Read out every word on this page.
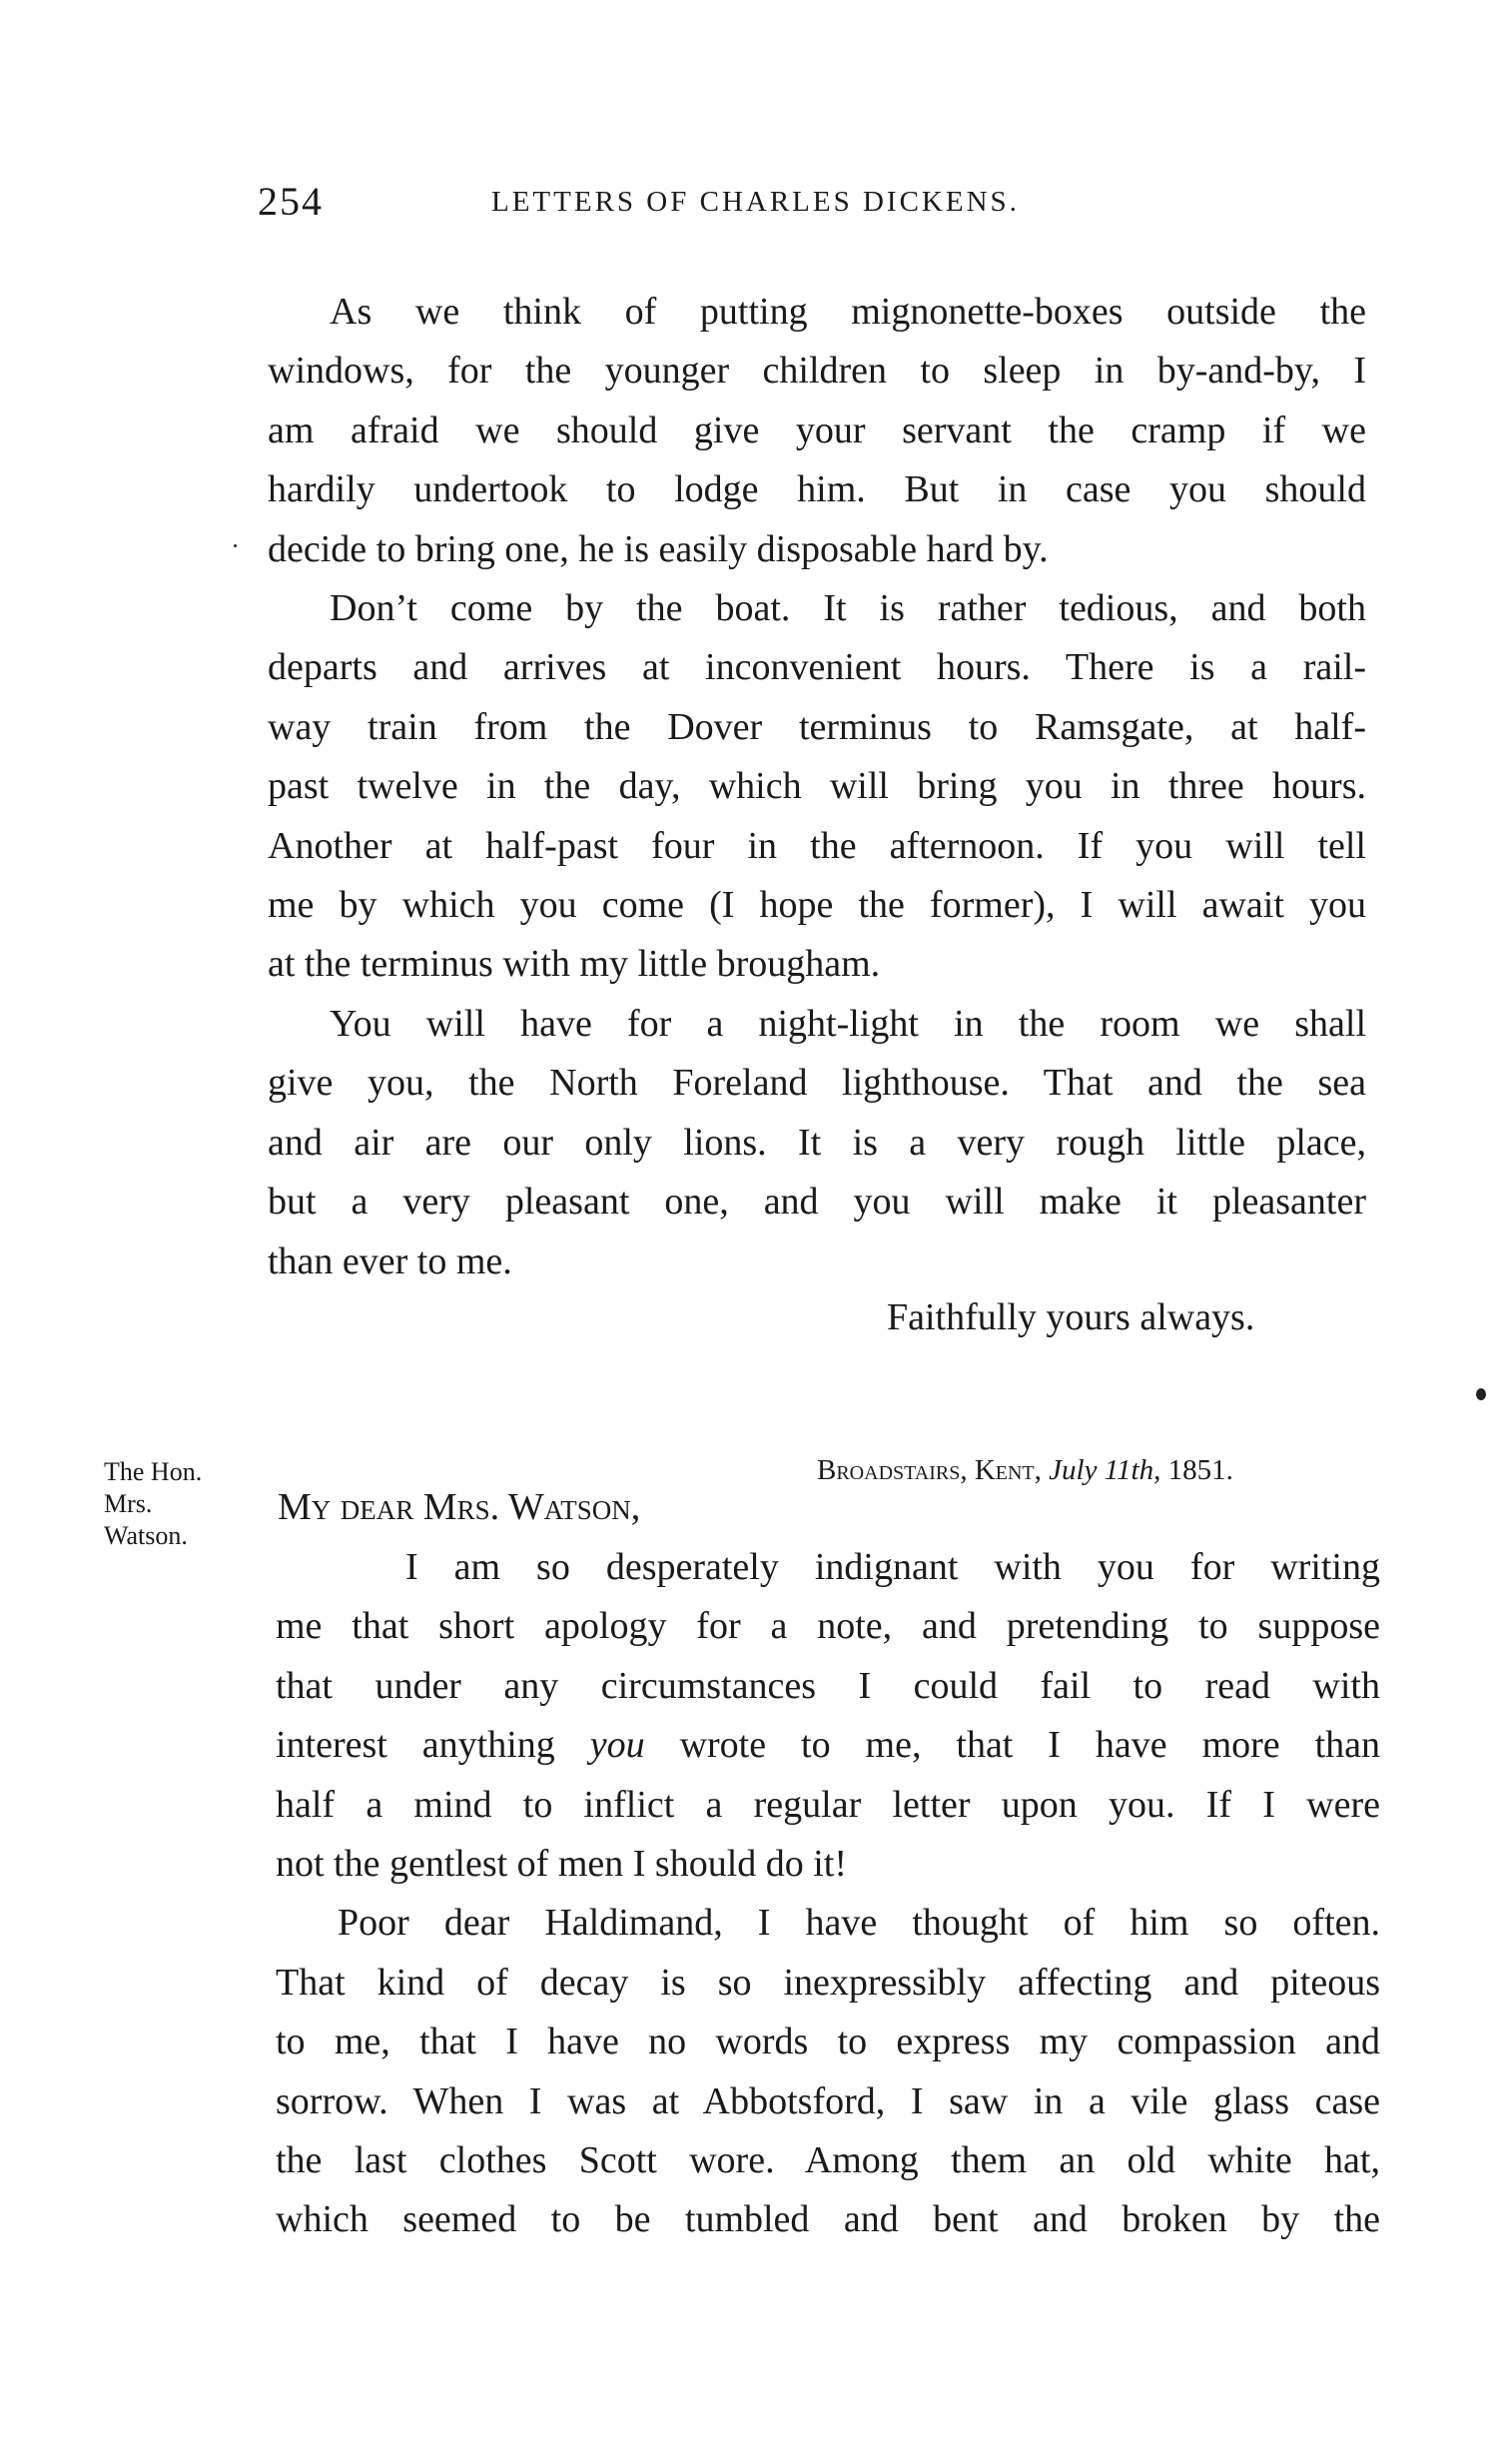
254	LETTERS OF CHARLES DICKENS.
As we think of putting mignonette-boxes outside the
windows, for the younger children to sleep in by-and-by, I
am afraid we should give your servant the cramp if we
hardily undertook to lodge him. But in case you should
decide to bring one, he is easily disposable hard by.
Don’t come by the boat. It is rather tedious, and both
departs and arrives at inconvenient hours. There is a rail-
way train from the Dover terminus to Ramsgate, at half-
past twelve in the day, which will bring you in three hours.
Another at half-past four in the afternoon. If you will tell
me by which you come (I hope the former), I will await you
at the terminus with my little brougham.
You will have for a night-light in the room we shall
give you, the North Foreland lighthouse. That and the sea
and air are our only lions. It is a very rough little place,
but a very pleasant one, and you will make it pleasanter
than ever to me.
Faithfully yours always.
The Hon.
Mrs.
Watson.
Broadstairs, Kent, July 11th, 1851.
My dear Mrs. Watson,
I am so desperately indignant with you for writing
me that short apology for a note, and pretending to suppose
that under any circumstances I could fail to read with
interest anything you wrote to me, that I have more than
half a mind to inflict a regular letter upon you. If I were
not the gentlest of men I should do it!
Poor dear Haldimand, I have thought of him so often.
That kind of decay is so inexpressibly affecting and piteous
to me, that I have no words to express my compassion and
sorrow. When I was at Abbotsford, I saw in a vile glass case
the last clothes Scott wore. Among them an old white hat,
which seemed to be tumbled and bent and broken by the
